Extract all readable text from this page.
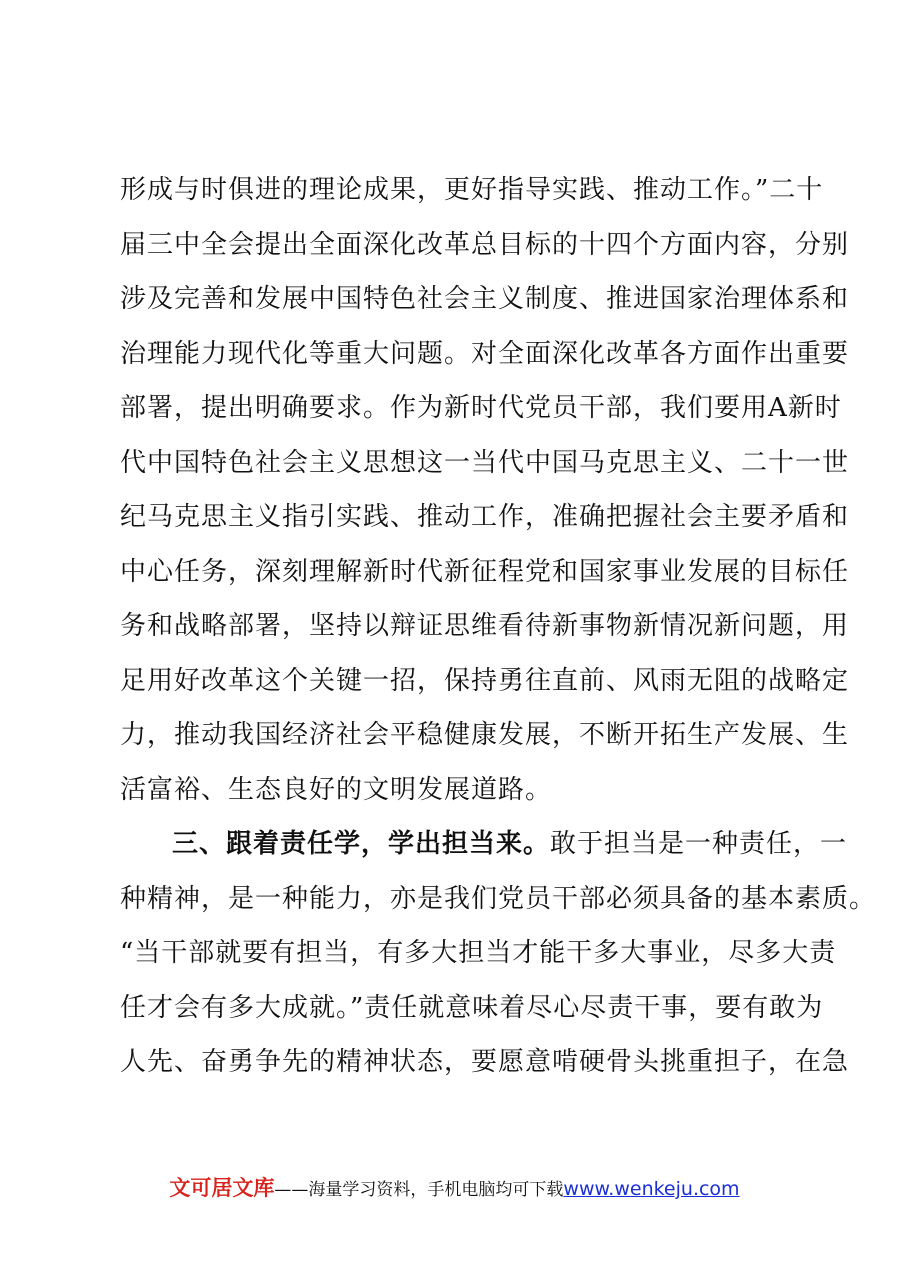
形成与时俱进的理论成果，更好指导实践、推动工作。”二十
届三中全会提出全面深化改革总目标的十四个方面内容，分别
涉及完善和发展中国特色社会主义制度、推进国家治理体系和
治理能力现代化等重大问题。对全面深化改革各方面作出重要
部署，提出明确要求。作为新时代党员干部，我们要用A新时
代中国特色社会主义思想这一当代中国马克思主义、二十一世
纪马克思主义指引实践、推动工作，准确把握社会主要矛盾和
中心任务，深刻理解新时代新征程党和国家事业发展的目标任
务和战略部署，坚持以辩证思维看待新事物新情况新问题，用
足用好改革这个关键一招，保持勇往直前、风雨无阻的战略定
力，推动我国经济社会平稳健康发展，不断开拓生产发展、生
活富裕、生态良好的文明发展道路。
三、跟着责任学，学出担当来。敢于担当是一种责任，一
种精神，是一种能力，亦是我们党员干部必须具备的基本素质。
“当干部就要有担当，有多大担当才能干多大事业，尽多大责
任才会有多大成就。”责任就意味着尽心尽责干事，要有敢为
人先、奋勇争先的精神状态，要愿意啃硬骨头挑重担子，在急
文可居文库——海量学习资料，手机电脑均可下载www.wenkeju.com
